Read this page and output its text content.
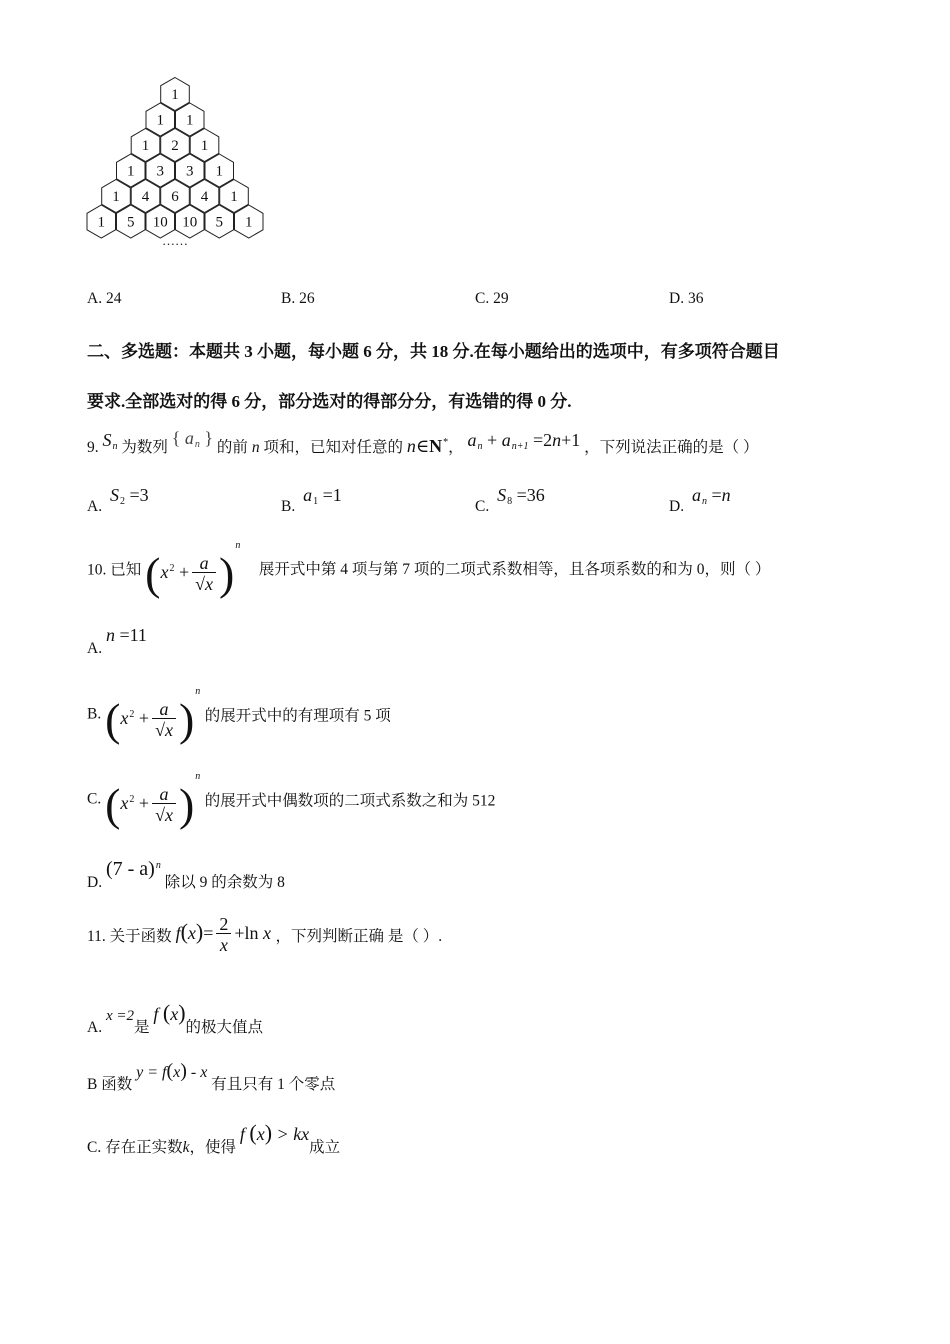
1
1 1
1 2 1
1 3 3 1
1 4 6 4 1
1 5 10 10 5 1
……
A. 24	B. 26	C. 29	D. 36
二、多选题：本题共 3 小题，每小题 6 分，共 18 分.在每小题给出的选项中，有多项符合题目
要求.全部选对的得 6 分，部分选对的得部分分，有选错的得 0 分.
9. $S_n$ 为数列 { $a_n$ } 的前 n 项和，已知对任意的 n∈N*， $a_n + a_{n+1} =2n+1$ ，下列说法正确的是（ ）
A. $S_2 =3$
B. $a_1 =1$
C. $S_8 =36$
D. $a_n =n$
10. 已知 $(x^2 + \frac{a}{√x} )^n$ 展开式中第 4 项与第 7 项的二项式系数相等，且各项系数的和为 0，则（ ）
A. n =11
B. $(x^2 + \frac{a}{√x} )^n$ 的展开式中的有理项有 5 项
C. $(x^2 + \frac{a}{√x} )^n$ 的展开式中偶数项的二项式系数之和为 512
D. (7 - a)$^n$ 除以 9 的余数为 8
11. 关于函数 $f(x)= \frac{2}{x} +\ln$ x ，下列判断正确 是（ ）.
A. x =2是 f (x)的极大值点
B 函数 y = f(x) - x 有且只有 1 个零点
C. 存在正实数k，使得 f (x) > kx成立
